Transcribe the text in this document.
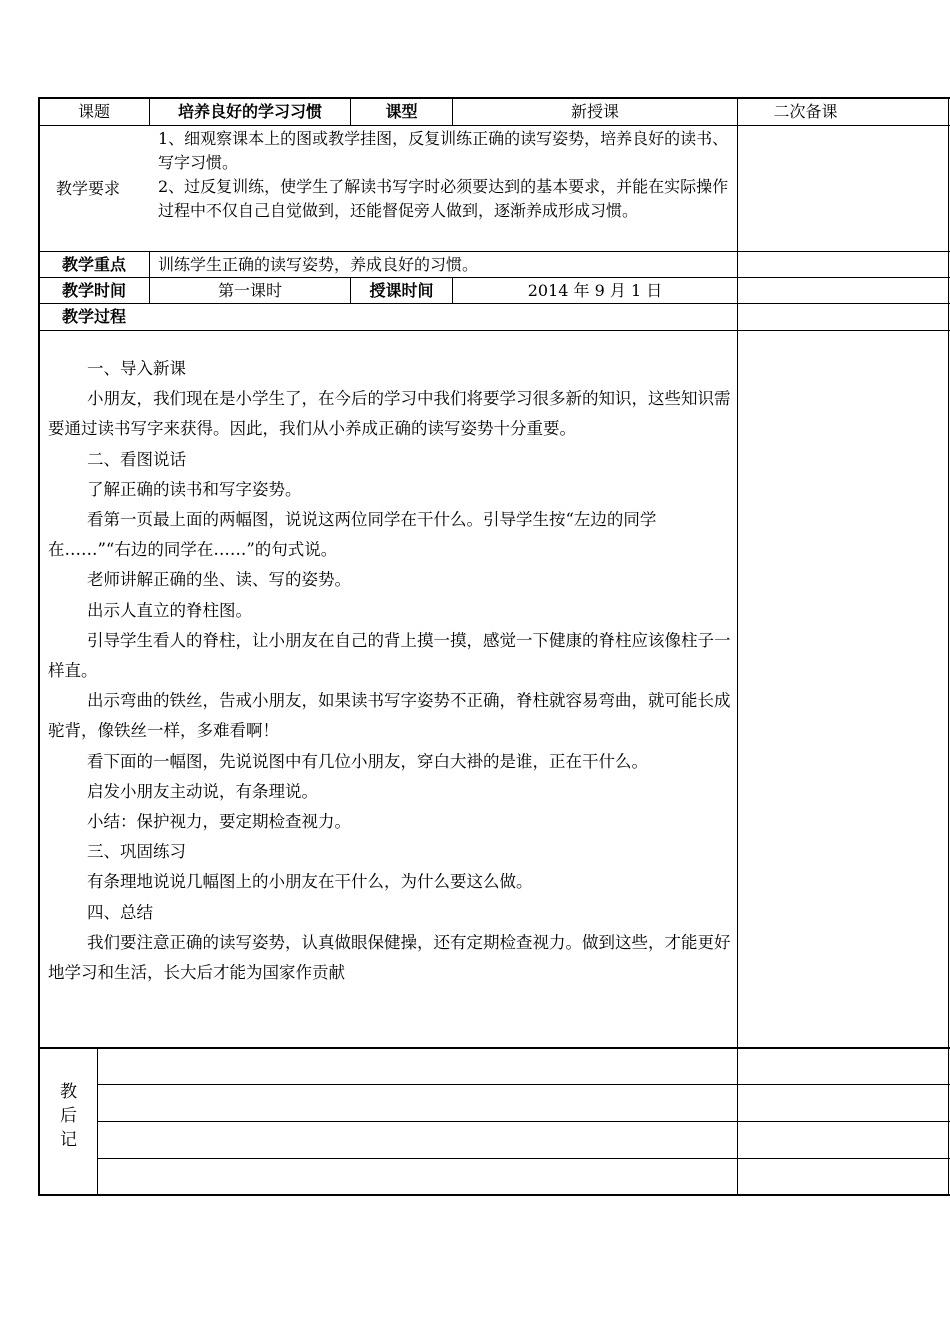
课题	培养良好的学习习惯	课型	新授课	二次备课
教学要求

1、细观察课本上的图或教学挂图，反复训练正确的读写姿势，培养良好的读书、写字习惯。

2、过反复训练，使学生了解读书写字时必须要达到的基本要求，并能在实际操作过程中不仅自己自觉做到，还能督促旁人做到，逐渐养成形成习惯。

教学重点	训练学生正确的读写姿势，养成良好的习惯。
教学时间	第一课时	授课时间	2014 年 9 月 1 日
教学过程

一、导入新课

小朋友，我们现在是小学生了，在今后的学习中我们将要学习很多新的知识，这些知识需要通过读书写字来获得。因此，我们从小养成正确的读写姿势十分重要。

二、看图说话

了解正确的读书和写字姿势。

看第一页最上面的两幅图，说说这两位同学在干什么。引导学生按“左边的同学在……”“右边的同学在……”的句式说。

老师讲解正确的坐、读、写的姿势。

出示人直立的脊柱图。

引导学生看人的脊柱，让小朋友在自己的背上摸一摸，感觉一下健康的脊柱应该像柱子一样直。

出示弯曲的铁丝，告戒小朋友，如果读书写字姿势不正确，脊柱就容易弯曲，就可能长成驼背，像铁丝一样，多难看啊！

看下面的一幅图，先说说图中有几位小朋友，穿白大褂的是谁，正在干什么。

启发小朋友主动说，有条理说。

小结：保护视力，要定期检查视力。

三、巩固练习

有条理地说说几幅图上的小朋友在干什么，为什么要这么做。

四、总结

我们要注意正确的读写姿势，认真做眼保健操，还有定期检查视力。做到这些，才能更好地学习和生活，长大后才能为国家作贡献

教
后
记
